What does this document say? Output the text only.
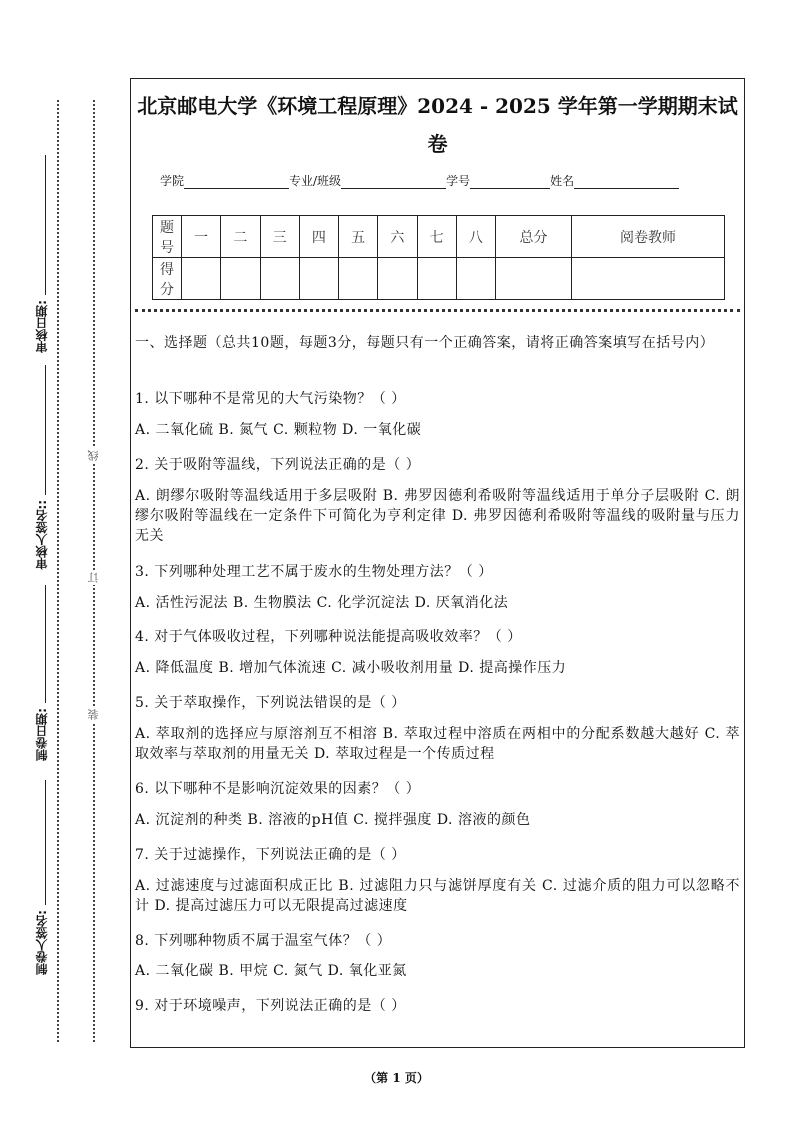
线
订
装
审核日期:
审核人签名::
制卷日期:
制卷人签名:
北京邮电大学《环境工程原理》2024 - 2025 学年第一学期期末试
卷
学院	专业/班级	学号	姓名
题号	一	二	三	四	五	六	七	八	总分	阅卷教师
得分										
一、选择题（总共10题，每题3分，每题只有一个正确答案，请将正确答案填写在括号内）
1. 以下哪种不是常见的大气污染物？（ ）
A. 二氧化硫 B. 氮气 C. 颗粒物 D. 一氧化碳
2. 关于吸附等温线，下列说法正确的是（ ）
A. 朗缪尔吸附等温线适用于多层吸附 B. 弗罗因德利希吸附等温线适用于单分子层吸附 C. 朗缪尔吸附等温线在一定条件下可简化为亨利定律 D. 弗罗因德利希吸附等温线的吸附量与压力无关
3. 下列哪种处理工艺不属于废水的生物处理方法？（ ）
A. 活性污泥法 B. 生物膜法 C. 化学沉淀法 D. 厌氧消化法
4. 对于气体吸收过程，下列哪种说法能提高吸收效率？（ ）
A. 降低温度 B. 增加气体流速 C. 减小吸收剂用量 D. 提高操作压力
5. 关于萃取操作，下列说法错误的是（ ）
A. 萃取剂的选择应与原溶剂互不相溶 B. 萃取过程中溶质在两相中的分配系数越大越好 C. 萃取效率与萃取剂的用量无关 D. 萃取过程是一个传质过程
6. 以下哪种不是影响沉淀效果的因素？（ ）
A. 沉淀剂的种类 B. 溶液的pH值 C. 搅拌强度 D. 溶液的颜色
7. 关于过滤操作，下列说法正确的是（ ）
A. 过滤速度与过滤面积成正比 B. 过滤阻力只与滤饼厚度有关 C. 过滤介质的阻力可以忽略不计 D. 提高过滤压力可以无限提高过滤速度
8. 下列哪种物质不属于温室气体？（ ）
A. 二氧化碳 B. 甲烷 C. 氮气 D. 氧化亚氮
9. 对于环境噪声，下列说法正确的是（ ）
（第 1 页）
